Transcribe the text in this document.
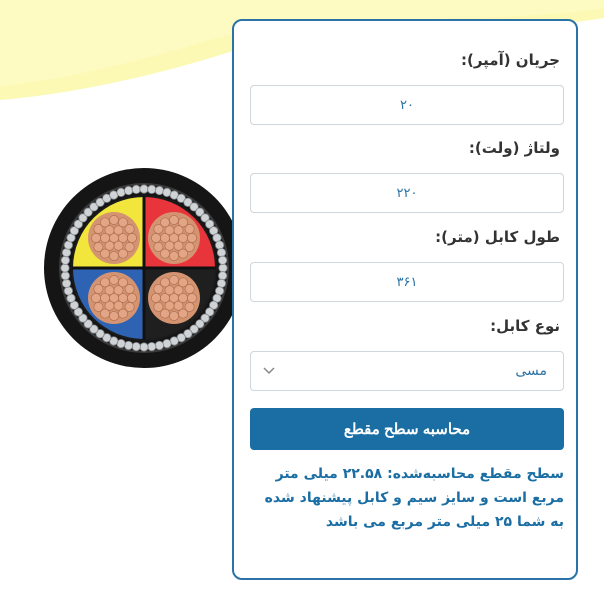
جریان (آمپر):
۲۰
ولتاژ (ولت):
۲۲۰
طول کابل (متر):
۳۶۱
نوع کابل:
مسی
محاسبه سطح مقطع
سطح مقطع محاسبه‌شده: ۲۲.۵۸ میلی متر مربع است و سایز سیم و کابل پیشنهاد شده به شما ۲۵ میلی متر مربع می باشد
